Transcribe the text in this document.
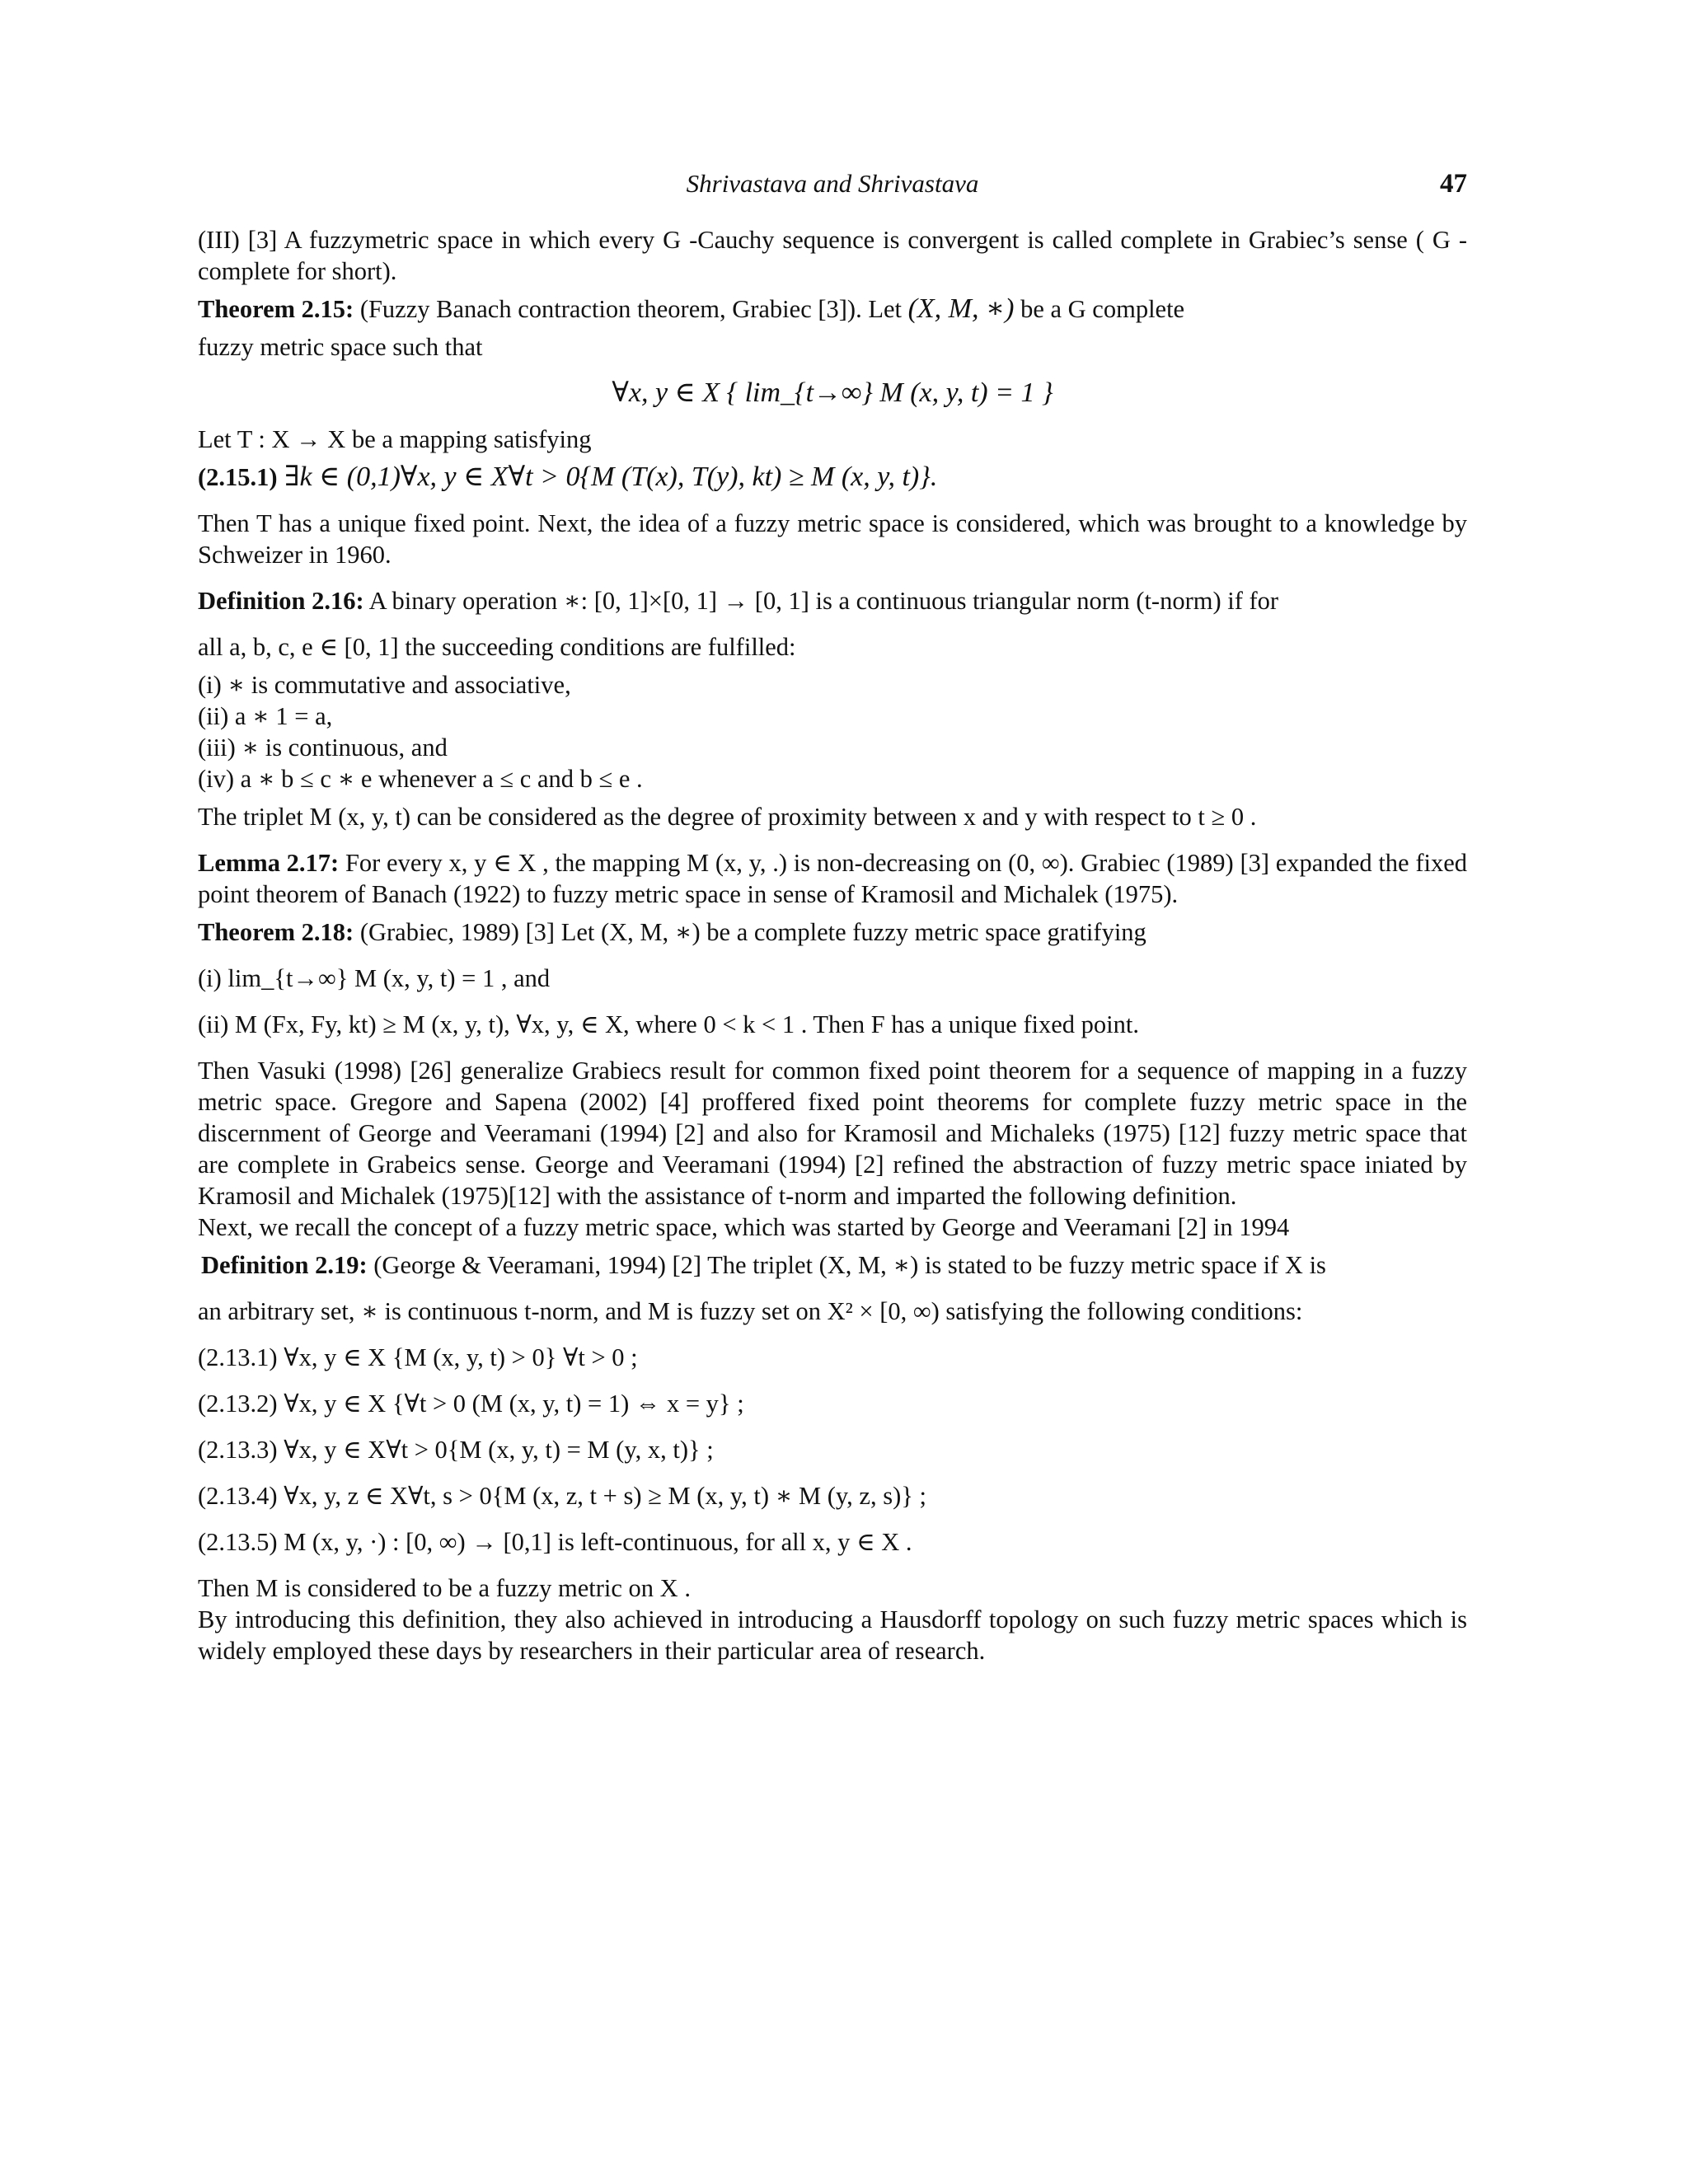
Shrivastava and Shrivastava	47

(III) [3] A fuzzymetric space in which every G -Cauchy sequence is convergent is called complete in Grabiec’s sense ( G -complete for short).

Theorem 2.15: (Fuzzy Banach contraction theorem, Grabiec [3]). Let (X, M, ∗) be a G complete

fuzzy metric space such that

∀x, y ∈ X { lim_{t→∞} M (x, y, t) = 1 }

Let T : X → X be a mapping satisfying

(2.15.1) ∃k ∈ (0,1)∀x, y ∈ X∀t > 0{M (T(x), T(y), kt) ≥ M (x, y, t)}.

Then T has a unique fixed point. Next, the idea of a fuzzy metric space is considered, which was brought to a knowledge by Schweizer in 1960.

Definition 2.16: A binary operation ∗: [0, 1]×[0, 1] → [0, 1] is a continuous triangular norm (t-norm) if for

all a, b, c, e ∈ [0, 1] the succeeding conditions are fulfilled:

(i) ∗ is commutative and associative,

(ii) a ∗ 1 = a,

(iii) ∗ is continuous, and

(iv) a ∗ b ≤ c ∗ e whenever a ≤ c and b ≤ e .

The triplet M (x, y, t) can be considered as the degree of proximity between x and y with respect to t ≥ 0 .

Lemma 2.17: For every x, y ∈ X , the mapping M (x, y, .) is non-decreasing on (0, ∞). Grabiec (1989) [3] expanded the fixed point theorem of Banach (1922) to fuzzy metric space in sense of Kramosil and Michalek (1975).

Theorem 2.18: (Grabiec, 1989) [3] Let (X, M, ∗) be a complete fuzzy metric space gratifying

(i) lim_{t→∞} M (x, y, t) = 1 , and

(ii) M (Fx, Fy, kt) ≥ M (x, y, t), ∀x, y, ∈ X, where 0 < k < 1 . Then F has a unique fixed point.

Then Vasuki (1998) [26] generalize Grabiecs result for common fixed point theorem for a sequence of mapping in a fuzzy metric space. Gregore and Sapena (2002) [4] proffered fixed point theorems for complete fuzzy metric space in the discernment of George and Veeramani (1994) [2] and also for Kramosil and Michaleks (1975) [12] fuzzy metric space that are complete in Grabeics sense. George and Veeramani (1994) [2] refined the abstraction of fuzzy metric space iniated by Kramosil and Michalek (1975)[12] with the assistance of t-norm and imparted the following definition.

Next, we recall the concept of a fuzzy metric space, which was started by George and Veeramani [2] in 1994

Definition 2.19: (George & Veeramani, 1994) [2] The triplet (X, M, ∗) is stated to be fuzzy metric space if X is

an arbitrary set, ∗ is continuous t-norm, and M is fuzzy set on X² × [0, ∞) satisfying the following conditions:

(2.13.1) ∀x, y ∈ X {M (x, y, t) > 0} ∀t > 0 ;

(2.13.2) ∀x, y ∈ X {∀t > 0 (M (x, y, t) = 1) ⇔ x = y} ;

(2.13.3) ∀x, y ∈ X∀t > 0{M (x, y, t) = M (y, x, t)} ;

(2.13.4) ∀x, y, z ∈ X∀t, s > 0{M (x, z, t + s) ≥ M (x, y, t) ∗ M (y, z, s)} ;

(2.13.5) M (x, y, ·) : [0, ∞) → [0,1] is left-continuous, for all x, y ∈ X .

Then M is considered to be a fuzzy metric on X .

By introducing this definition, they also achieved in introducing a Hausdorff topology on such fuzzy metric spaces which is widely employed these days by researchers in their particular area of research.
